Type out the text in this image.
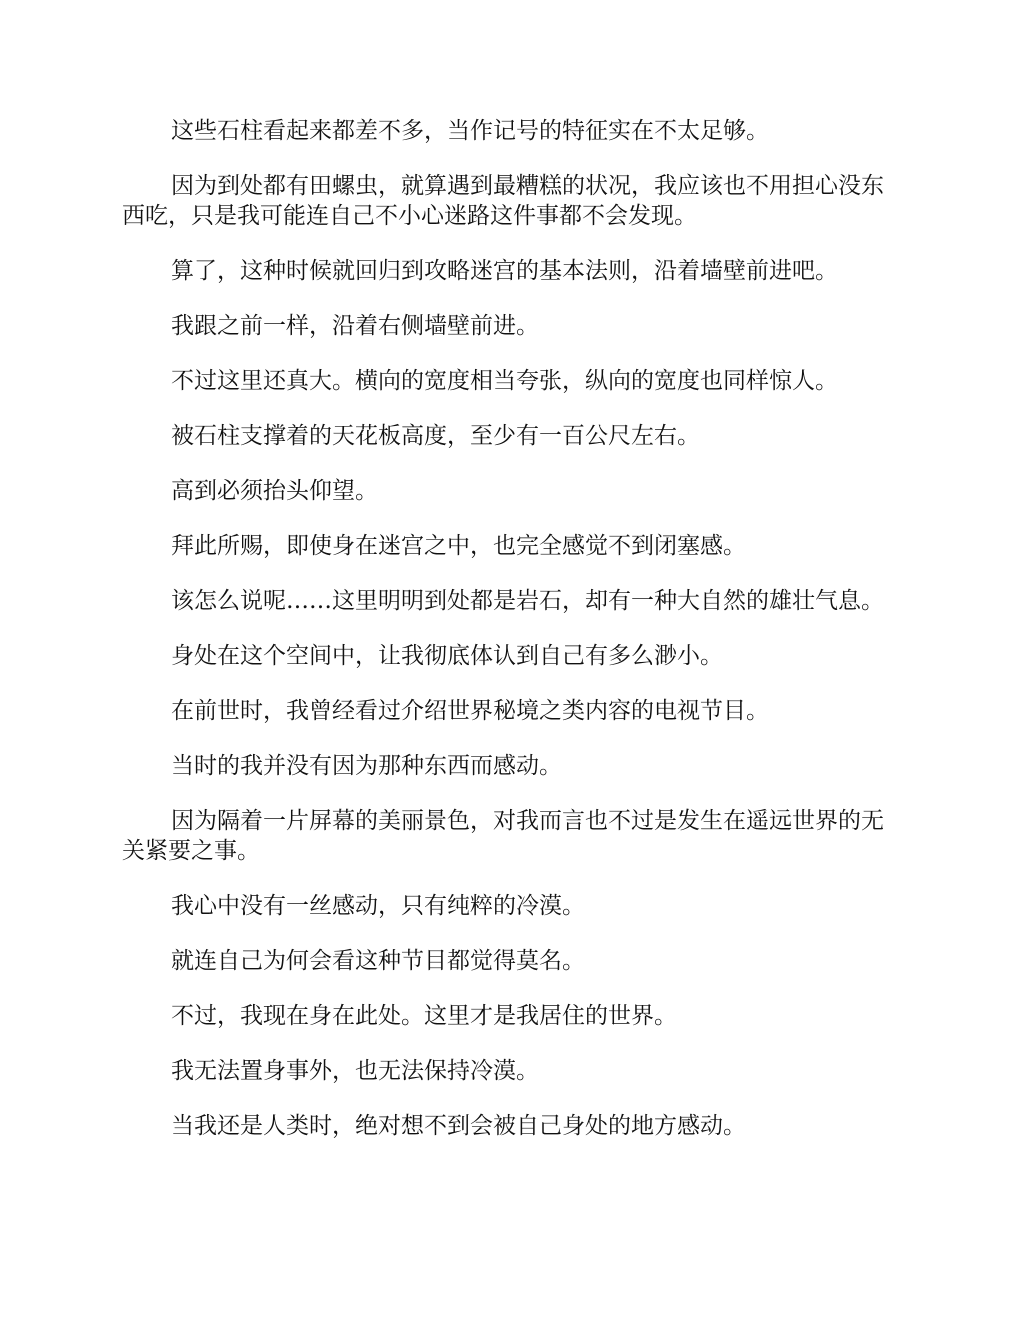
这些石柱看起来都差不多，当作记号的特征实在不太足够。

因为到处都有田螺虫，就算遇到最糟糕的状况，我应该也不用担心没东西吃，只是我可能连自己不小心迷路这件事都不会发现。

算了，这种时候就回归到攻略迷宫的基本法则，沿着墙壁前进吧。

我跟之前一样，沿着右侧墙壁前进。

不过这里还真大。横向的宽度相当夸张，纵向的宽度也同样惊人。

被石柱支撑着的天花板高度，至少有一百公尺左右。

高到必须抬头仰望。

拜此所赐，即使身在迷宫之中，也完全感觉不到闭塞感。

该怎么说呢……这里明明到处都是岩石，却有一种大自然的雄壮气息。

身处在这个空间中，让我彻底体认到自己有多么渺小。

在前世时，我曾经看过介绍世界秘境之类内容的电视节目。

当时的我并没有因为那种东西而感动。

因为隔着一片屏幕的美丽景色，对我而言也不过是发生在遥远世界的无关紧要之事。

我心中没有一丝感动，只有纯粹的冷漠。

就连自己为何会看这种节目都觉得莫名。

不过，我现在身在此处。这里才是我居住的世界。

我无法置身事外，也无法保持冷漠。

当我还是人类时，绝对想不到会被自己身处的地方感动。
